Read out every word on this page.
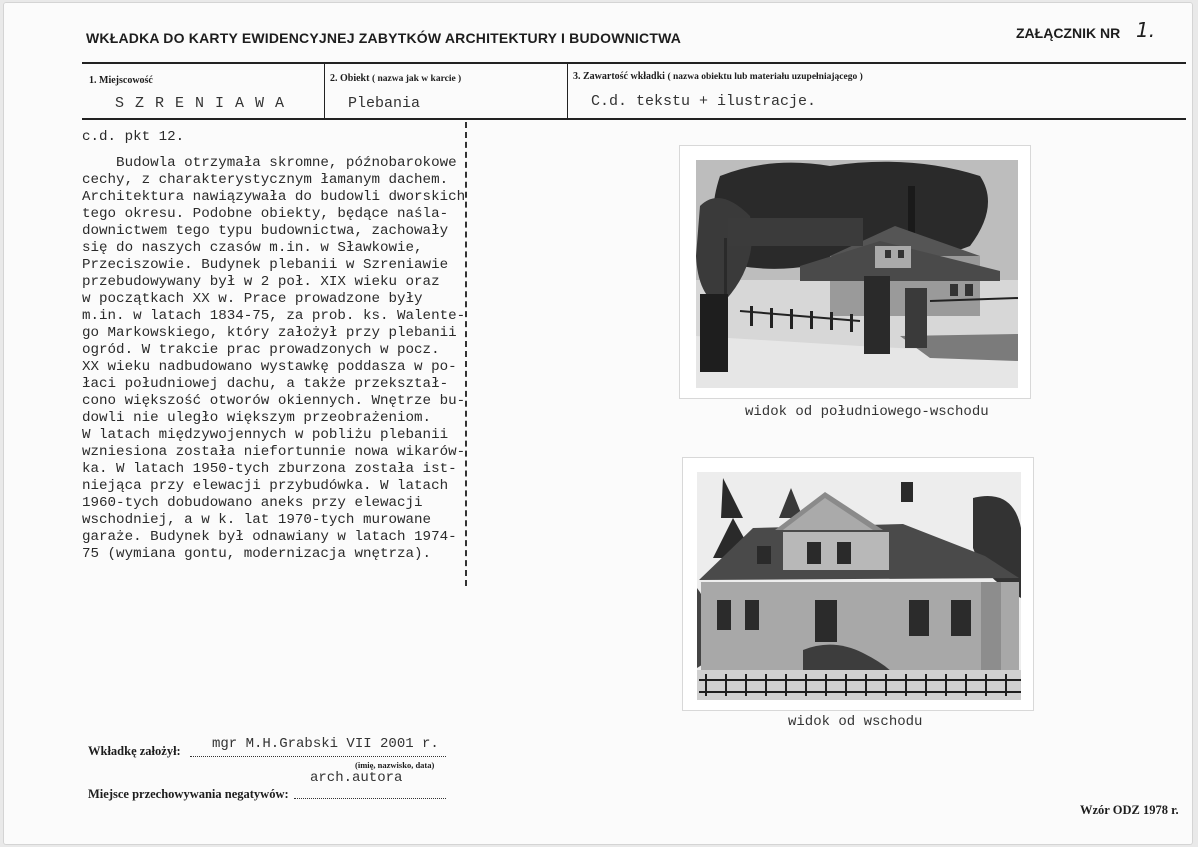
WKŁADKA DO KARTY EWIDENCYJNEJ ZABYTKÓW ARCHITEKTURY I BUDOWNICTWA	ZAŁĄCZNIK NR 1.
1. Miejscowość
S Z R E N I A W A
2. Obiekt ( nazwa jak w karcie )
Plebania
3. Zawartość wkładki ( nazwa obiektu lub materiału uzupełniającego )
C.d. tekstu + ilustracje.
c.d. pkt 12.
Budowla otrzymała skromne, późnobarokowe
cechy, z charakterystycznym łamanym dachem.
Architektura nawiązywała do budowli dworskich
tego okresu. Podobne obiekty, będące naśla-
downictwem tego typu budownictwa, zachowały
się do naszych czasów m.in. w Sławkowie,
Przeciszowie. Budynek plebanii w Szreniawie
przebudowywany był w 2 poł. XIX wieku oraz
w początkach XX w. Prace prowadzone były
m.in. w latach 1834-75, za prob. ks. Walente-
go Markowskiego, który założył przy plebanii
ogród. W trakcie prac prowadzonych w pocz.
XX wieku nadbudowano wystawkę poddasza w po-
łaci południowej dachu, a także przekształ-
cono większość otworów okiennych. Wnętrze bu-
dowli nie uległo większym przeobrażeniom.
W latach międzywojennych w pobliżu plebanii
wzniesiona została niefortunnie nowa wikarów-
ka. W latach 1950-tych zburzona została ist-
niejąca przy elewacji przybudówka. W latach
1960-tych dobudowano aneks przy elewacji
wschodniej, a w k. lat 1970-tych murowane
garaże. Budynek był odnawiany w latach 1974-
75 (wymiana gontu, modernizacja wnętrza).
widok od południowego-wschodu
widok od wschodu
Wkładkę założył: mgr M.H.Grabski VII 2001 r.
(imię, nazwisko, data)
arch.autora
Miejsce przechowywania negatywów:
Wzór ODZ 1978 r.
